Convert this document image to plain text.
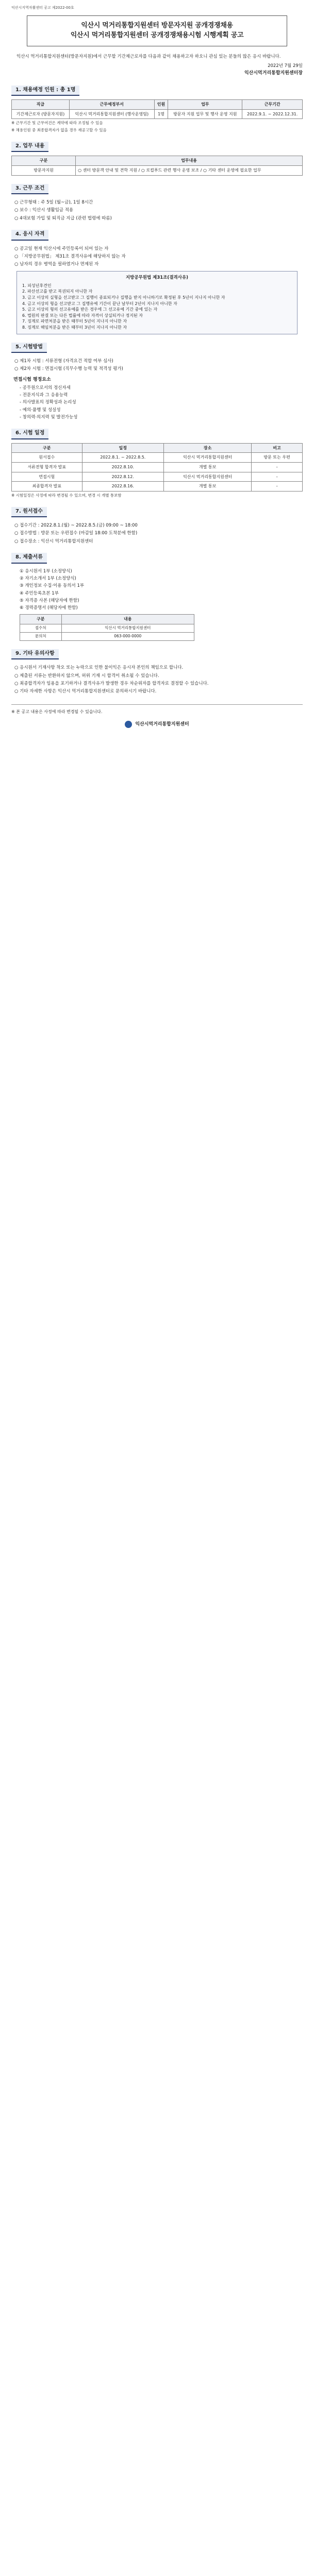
익산시지역자활센터 공고 제2022-00호
익산시 먹거리통합지원센터 방문자지원 공개경쟁채용
익산시 먹거리통합지원센터 공개경쟁채용시험 시행계획 공고
익산시 먹거리통합지원센터(방문자지원)에서 근무할 기간제근로자를 다음과 같이 채용하고자 하오니 관심 있는 분들의 많은 응시 바랍니다.
2022년 7월 29일
익산시먹거리통합지원센터장
1. 채용예정 인원 : 총 1명
직급	근무예정부서	인원	업무	근무기간
기간제근로자 (방문자지원)	익산시 먹거리통합지원센터 (행사운영팀)	1명	방문자 지원 업무 및 행사 운영 지원	2022.9.1. ~ 2022.12.31.
※ 근무기간 및 근무여건은 계약에 따라 조정될 수 있음
※ 채용인원 중 최종합격자가 없을 경우 재공고할 수 있음
2. 업무 내용
구분	업무내용
방문자지원	○ 센터 방문객 안내 및 견학 지원 / ○ 로컬푸드 관련 행사 운영 보조 / ○ 기타 센터 운영에 필요한 업무
3. 근무 조건
○ 근무형태 : 주 5일 (월~금), 1일 8시간
○ 보수 : 익산시 생활임금 적용
○ 4대보험 가입 및 퇴직금 지급 (관련 법령에 따름)
4. 응시 자격
○ 공고일 현재 익산시에 주민등록이 되어 있는 자
○ 「지방공무원법」 제31조 결격사유에 해당하지 않는 자
○ 남자의 경우 병역을 필하였거나 면제된 자
지방공무원법 제31조(결격사유)
1. 피성년후견인
2. 파산선고를 받고 복권되지 아니한 자
3. 금고 이상의 실형을 선고받고 그 집행이 종료되거나 집행을 받지 아니하기로 확정된 후 5년이 지나지 아니한 자
4. 금고 이상의 형을 선고받고 그 집행유예 기간이 끝난 날부터 2년이 지나지 아니한 자
5. 금고 이상의 형의 선고유예를 받은 경우에 그 선고유예 기간 중에 있는 자
6. 법원의 판결 또는 다른 법률에 따라 자격이 상실되거나 정지된 자
7. 징계로 파면처분을 받은 때부터 5년이 지나지 아니한 자
8. 징계로 해임처분을 받은 때부터 3년이 지나지 아니한 자
5. 시험방법
○ 제1차 시험 : 서류전형 (자격요건 적합 여부 심사)
○ 제2차 시험 : 면접시험 (직무수행 능력 및 적격성 평가)
면접시험 평정요소
- 공무원으로서의 정신자세
- 전문지식과 그 응용능력
- 의사발표의 정확성과 논리성
- 예의·품행 및 성실성
- 창의력·의지력 및 발전가능성
6. 시험 일정
구분	일정	장소	비고
원서접수	2022.8.1. ~ 2022.8.5.	익산시 먹거리통합지원센터	방문 또는 우편
서류전형 합격자 발표	2022.8.10.	개별 통보	-
면접시험	2022.8.12.	익산시 먹거리통합지원센터	-
최종합격자 발표	2022.8.16.	개별 통보	-
※ 시험일정은 사정에 따라 변경될 수 있으며, 변경 시 개별 통보함
7. 원서접수
○ 접수기간 : 2022.8.1.(월) ~ 2022.8.5.(금) 09:00 ~ 18:00
○ 접수방법 : 방문 또는 우편접수 (마감일 18:00 도착분에 한함)
○ 접수장소 : 익산시 먹거리통합지원센터
8. 제출서류
① 응시원서 1부 (소정양식)
② 자기소개서 1부 (소정양식)
③ 개인정보 수집·이용 동의서 1부
④ 주민등록초본 1부
⑤ 자격증 사본 (해당자에 한함)
⑥ 경력증명서 (해당자에 한함)
구분	내용
접수처	익산시 먹거리통합지원센터
문의처	063-000-0000
9. 기타 유의사항
○ 응시원서 기재사항 착오 또는 누락으로 인한 불이익은 응시자 본인의 책임으로 합니다.
○ 제출된 서류는 반환하지 않으며, 허위 기재 시 합격이 취소될 수 있습니다.
○ 최종합격자가 임용을 포기하거나 결격사유가 발생한 경우 차순위자를 합격자로 결정할 수 있습니다.
○ 기타 자세한 사항은 익산시 먹거리통합지원센터로 문의하시기 바랍니다.
※ 본 공고 내용은 사정에 따라 변경될 수 있습니다.
익산시먹거리통합지원센터
